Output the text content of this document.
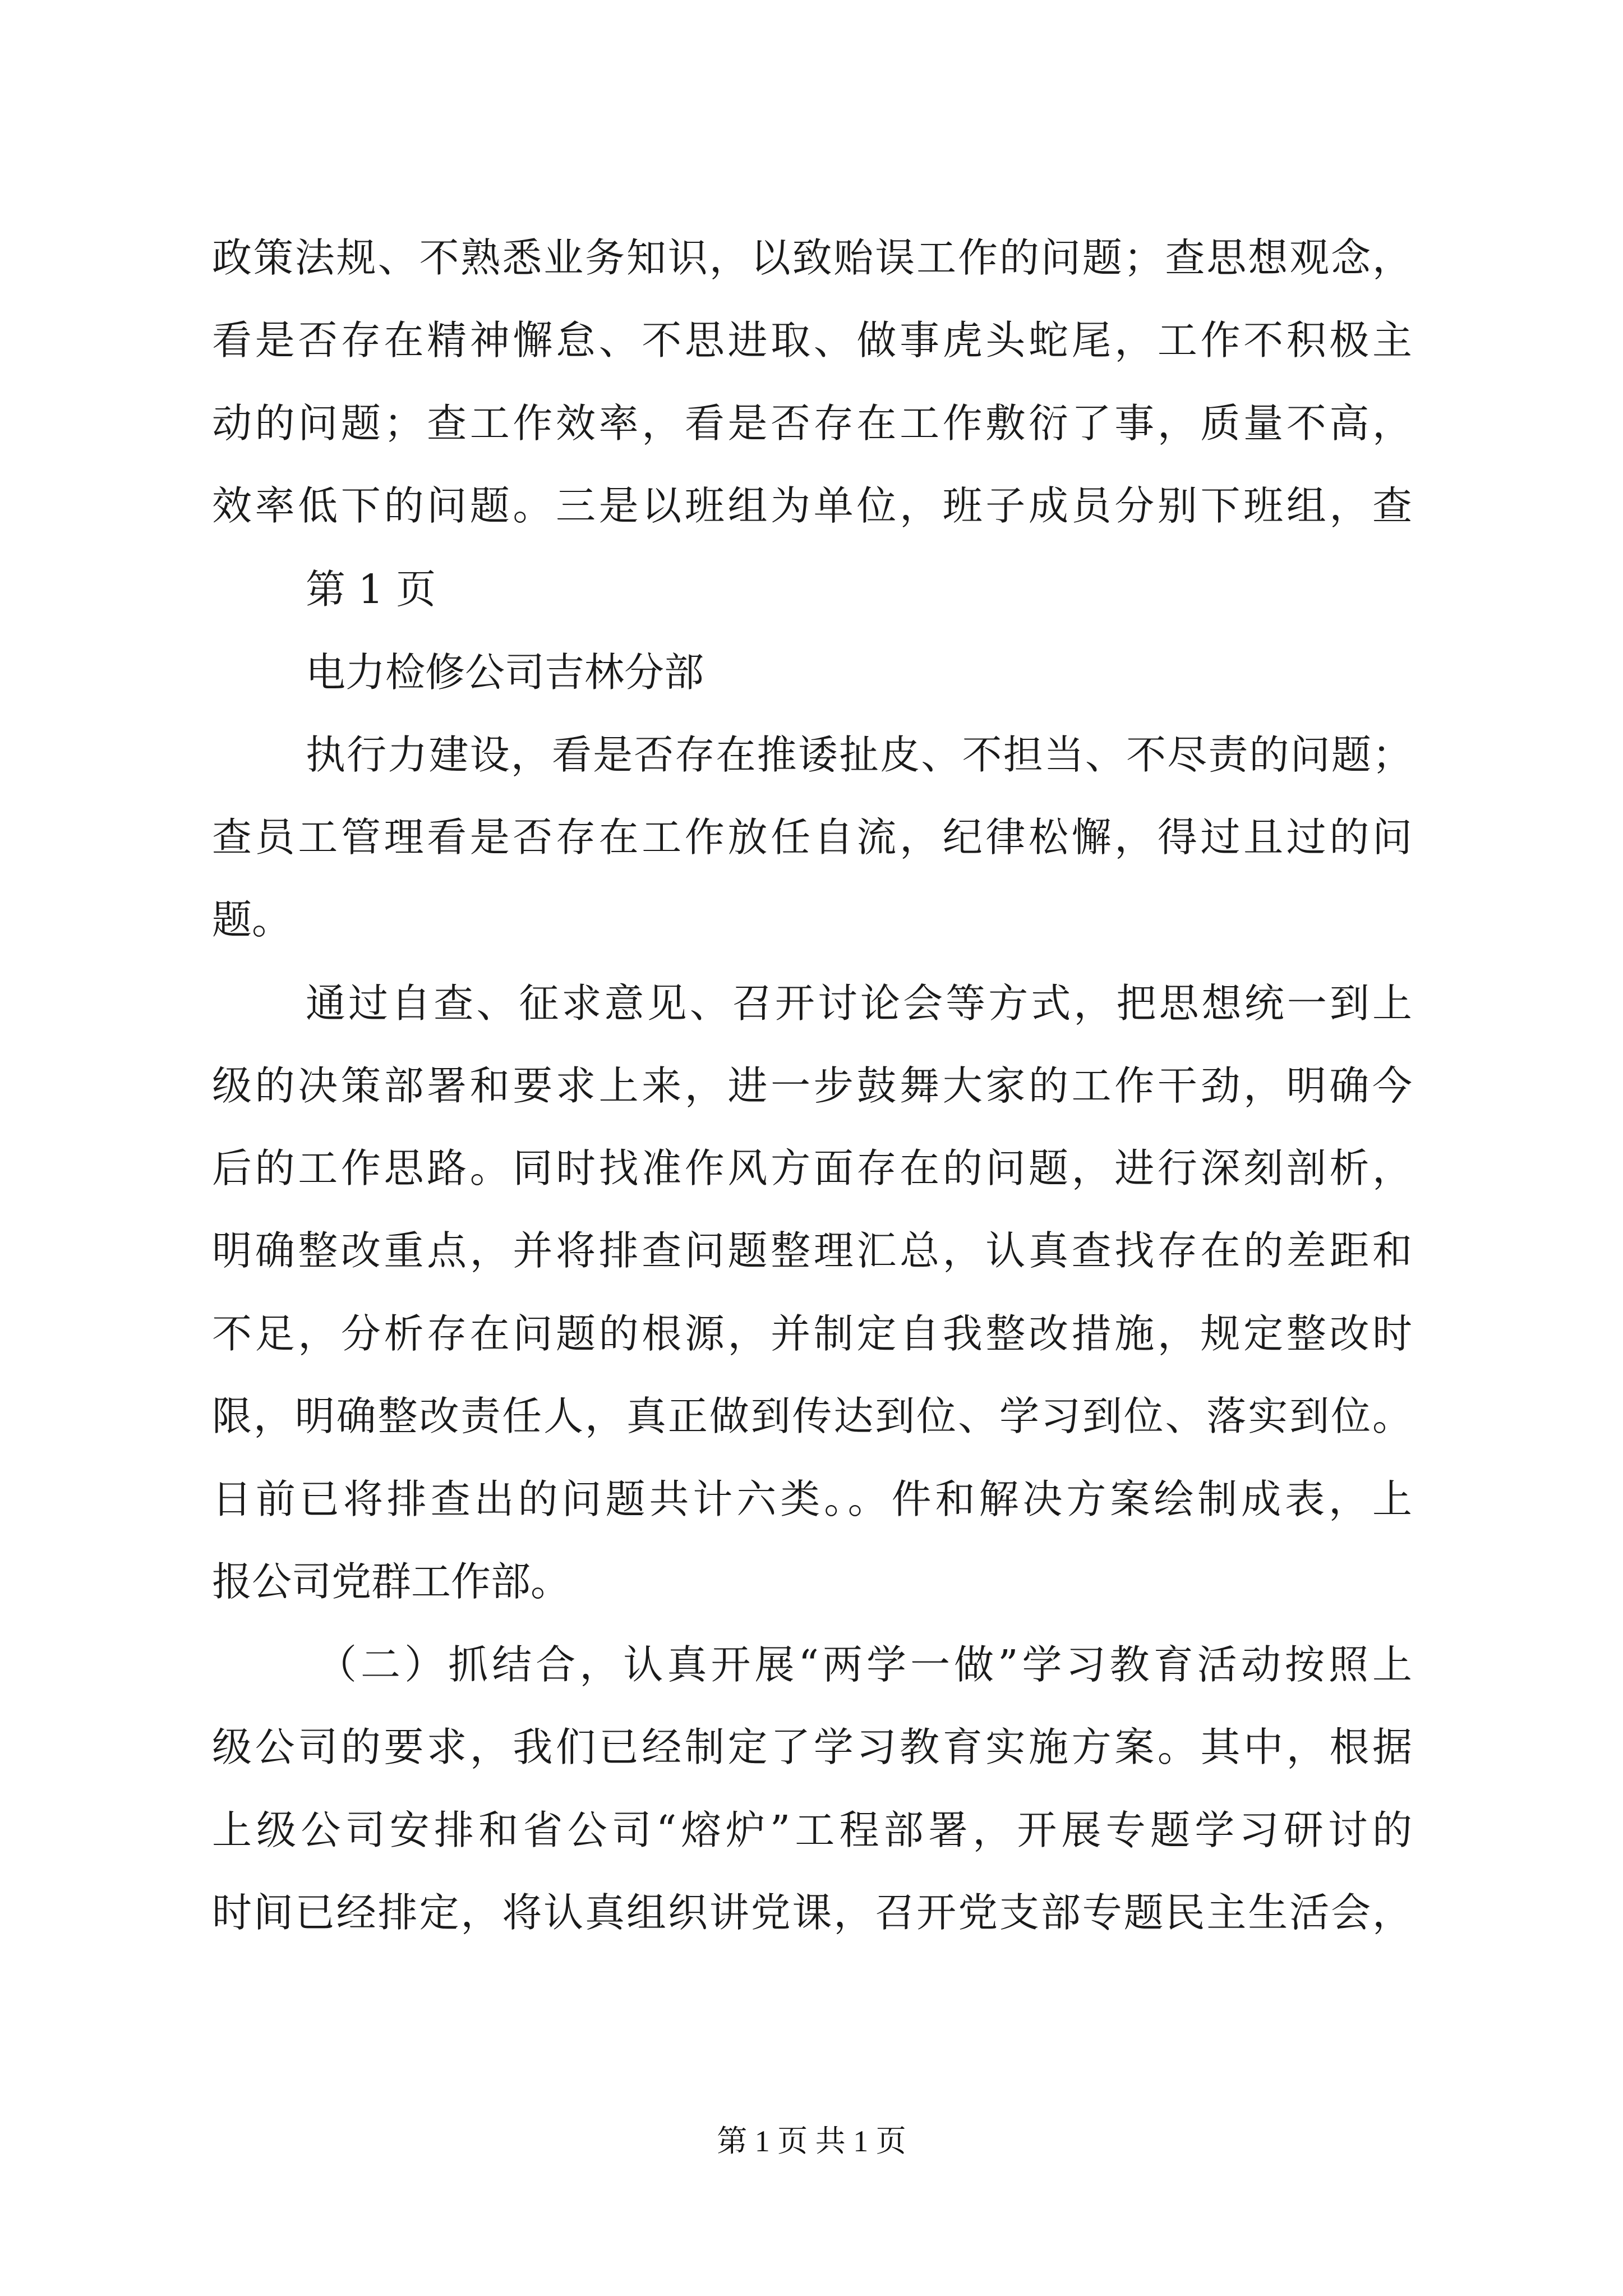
政策法规、不熟悉业务知识，以致贻误工作的问题；查思想观念，
看是否存在精神懈怠、不思进取、做事虎头蛇尾，工作不积极主
动的问题；查工作效率，看是否存在工作敷衍了事，质量不高，
效率低下的问题。三是以班组为单位，班子成员分别下班组，查
第 1 页
电力检修公司吉林分部
执行力建设，看是否存在推诿扯皮、不担当、不尽责的问题；
查员工管理看是否存在工作放任自流，纪律松懈，得过且过的问
题。
通过自查、征求意见、召开讨论会等方式，把思想统一到上
级的决策部署和要求上来，进一步鼓舞大家的工作干劲，明确今
后的工作思路。同时找准作风方面存在的问题，进行深刻剖析，
明确整改重点，并将排查问题整理汇总，认真查找存在的差距和
不足，分析存在问题的根源，并制定自我整改措施，规定整改时
限，明确整改责任人，真正做到传达到位、学习到位、落实到位。
日前已将排查出的问题共计六类。。件和解决方案绘制成表，上
报公司党群工作部。
（二）抓结合，认真开展“两学一做”学习教育活动按照上
级公司的要求，我们已经制定了学习教育实施方案。其中，根据
上级公司安排和省公司“熔炉”工程部署，开展专题学习研讨的
时间已经排定，将认真组织讲党课，召开党支部专题民主生活会，
第 1 页 共 1 页
